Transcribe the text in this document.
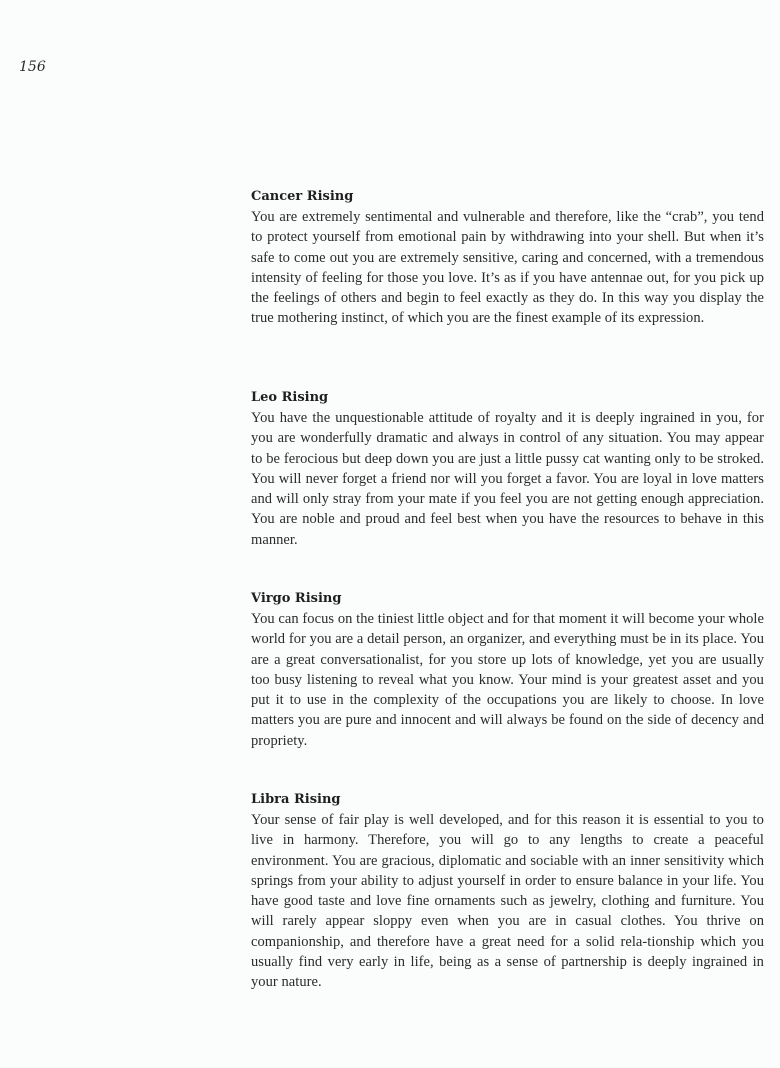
156
Cancer Rising

You are extremely sentimental and vulnerable and therefore, like the “crab”, you tend to protect yourself from emotional pain by withdrawing into your shell. But when it’s safe to come out you are extremely sensitive, caring and concerned, with a tremendous intensity of feeling for those you love. It’s as if you have antennae out, for you pick up the feelings of others and begin to feel exactly as they do. In this way you display the true mothering instinct, of which you are the finest example of its expression.

Leo Rising

You have the unquestionable attitude of royalty and it is deeply ingrained in you, for you are wonderfully dramatic and always in control of any situation. You may appear to be ferocious but deep down you are just a little pussy cat wanting only to be stroked. You will never forget a friend nor will you forget a favor. You are loyal in love matters and will only stray from your mate if you feel you are not getting enough appreciation. You are noble and proud and feel best when you have the resources to behave in this manner.

Virgo Rising

You can focus on the tiniest little object and for that moment it will become your whole world for you are a detail person, an organizer, and everything must be in its place. You are a great conversationalist, for you store up lots of knowledge, yet you are usually too busy listening to reveal what you know. Your mind is your greatest asset and you put it to use in the complexity of the occupations you are likely to choose. In love matters you are pure and innocent and will always be found on the side of decency and propriety.

Libra Rising

Your sense of fair play is well developed, and for this reason it is essential to you to live in harmony. Therefore, you will go to any lengths to create a peaceful environment. You are gracious, diplomatic and sociable with an inner sensitivity which springs from your ability to adjust yourself in order to ensure balance in your life. You have good taste and love fine ornaments such as jewelry, clothing and furniture. You will rarely appear sloppy even when you are in casual clothes. You thrive on companionship, and therefore have a great need for a solid rela-tionship which you usually find very early in life, being as a sense of partnership is deeply ingrained in your nature.
